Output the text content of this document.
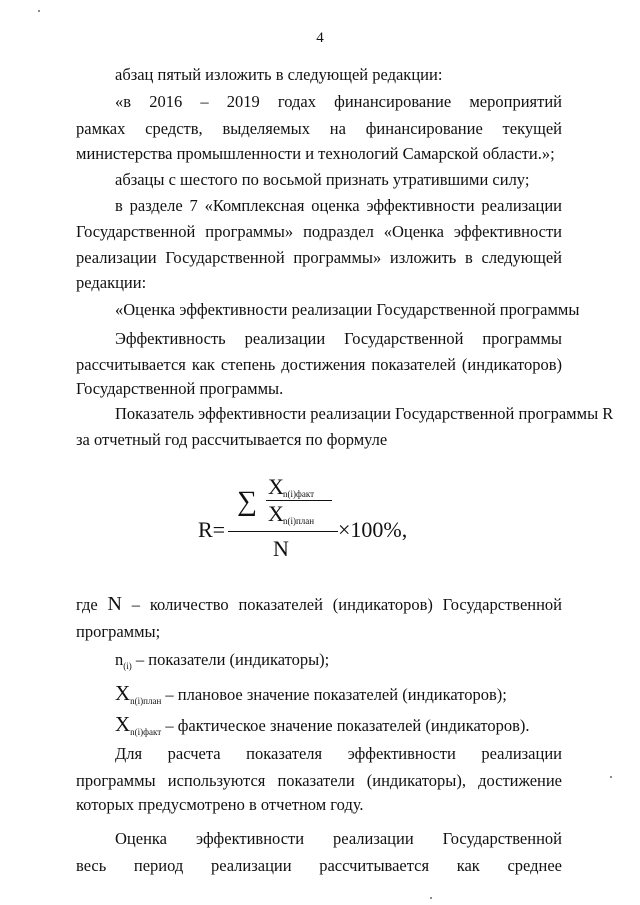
4
абзац пятый изложить в следующей редакции:
«в 2016 – 2019 годах финансирование мероприятий
рамках средств, выделяемых на финансирование текущей
министерства промышленности и технологий Самарской области.»;
абзацы с шестого по восьмой признать утратившими силу;
в разделе 7 «Комплексная оценка эффективности реализации
Государственной программы» подраздел «Оценка эффективности
реализации Государственной программы» изложить в следующей
редакции:
«Оценка эффективности реализации Государственной программы
Эффективность реализации Государственной программы
рассчитывается как степень достижения показателей (индикаторов)
Государственной программы.
Показатель эффективности реализации Государственной программы R
за отчетный год рассчитывается по формуле
∑ X n(i)факт
X n(i)план
R=	×100%,
N
где N – количество показателей (индикаторов) Государственной
программы;
$n_{(i)}$ – показатели (индикаторы);
$X_{n(i)план}$ – плановое значение показателей (индикаторов);
$X_{n(i)факт}$ – фактическое значение показателей (индикаторов).
Для расчета показателя эффективности реализации
программы используются показатели (индикаторы), достижение
которых предусмотрено в отчетном году.
Оценка эффективности реализации Государственной
весь период реализации рассчитывается как среднее
